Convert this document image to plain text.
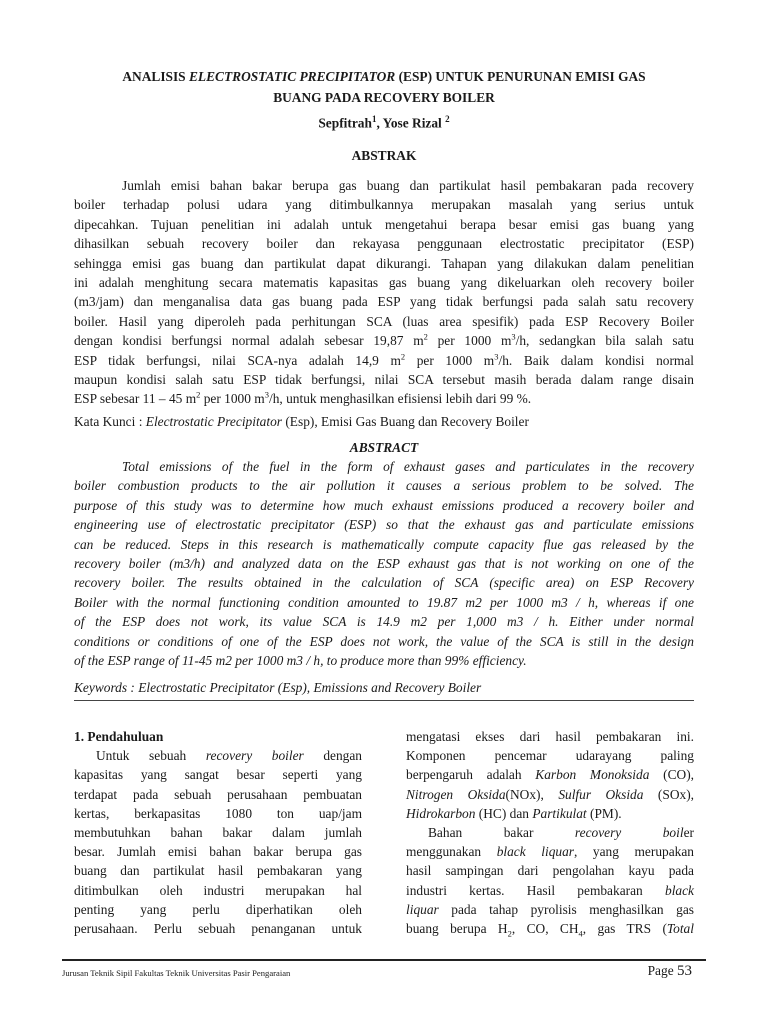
ANALISIS ELECTROSTATIC PRECIPITATOR (ESP) UNTUK PENURUNAN EMISI GAS
BUANG PADA RECOVERY BOILER
Sepfitrah$^1$, Yose Rizal $^2$
ABSTRAK
Jumlah emisi bahan bakar berupa gas buang dan partikulat hasil pembakaran pada recovery
boiler terhadap polusi udara yang ditimbulkannya merupakan masalah yang serius untuk
dipecahkan. Tujuan penelitian ini adalah untuk mengetahui berapa besar emisi gas buang yang
dihasilkan sebuah recovery boiler dan rekayasa penggunaan electrostatic precipitator (ESP)
sehingga emisi gas buang dan partikulat dapat dikurangi. Tahapan yang dilakukan dalam penelitian
ini adalah menghitung secara matematis kapasitas gas buang yang dikeluarkan oleh recovery boiler
(m3/jam) dan menganalisa data gas buang pada ESP yang tidak berfungsi pada salah satu recovery
boiler. Hasil yang diperoleh pada perhitungan SCA (luas area spesifik) pada ESP Recovery Boiler
dengan kondisi berfungsi normal adalah sebesar 19,87 $m^2$ per 1000 $m^3/h$, sedangkan bila salah satu
ESP tidak berfungsi, nilai SCA-nya adalah 14,9 $m^2$ per 1000 $m^3/h$. Baik dalam kondisi normal
maupun kondisi salah satu ESP tidak berfungsi, nilai SCA tersebut masih berada dalam range disain
ESP sebesar 11 – 45 $m^2$ per 1000 $m^3/h$, untuk menghasilkan efisiensi lebih dari 99 %.
Kata Kunci : Electrostatic Precipitator (Esp), Emisi Gas Buang dan Recovery Boiler
ABSTRACT
Total emissions of the fuel in the form of exhaust gases and particulates in the recovery
boiler combustion products to the air pollution it causes a serious problem to be solved. The
purpose of this study was to determine how much exhaust emissions produced a recovery boiler and
engineering use of electrostatic precipitator (ESP) so that the exhaust gas and particulate emissions
can be reduced. Steps in this research is mathematically compute capacity flue gas released by the
recovery boiler (m3/h) and analyzed data on the ESP exhaust gas that is not working on one of the
recovery boiler. The results obtained in the calculation of SCA (specific area) on ESP Recovery
Boiler with the normal functioning condition amounted to 19.87 m2 per 1000 m3 / h, whereas if one
of the ESP does not work, its value SCA is 14.9 m2 per 1,000 m3 / h. Either under normal
conditions or conditions of one of the ESP does not work, the value of the SCA is still in the design
of the ESP range of 11-45 m2 per 1000 m3 / h, to produce more than 99% efficiency.
Keywords : Electrostatic Precipitator (Esp), Emissions and Recovery Boiler
1. Pendahuluan
Untuk sebuah recovery boiler dengan
kapasitas yang sangat besar seperti yang
terdapat pada sebuah perusahaan pembuatan
kertas, berkapasitas 1080 ton uap/jam
membutuhkan bahan bakar dalam jumlah
besar. Jumlah emisi bahan bakar berupa gas
buang dan partikulat hasil pembakaran yang
ditimbulkan oleh industri merupakan hal
penting yang perlu diperhatikan oleh
perusahaan. Perlu sebuah penanganan untuk
mengatasi ekses dari hasil pembakaran ini.
Komponen pencemar udarayang paling
berpengaruh adalah Karbon Monoksida (CO),
Nitrogen Oksida(NOx), Sulfur Oksida (SOx),
Hidrokarbon (HC) dan Partikulat (PM).
Bahan	bakar	recovery	boiler
menggunakan black liquar, yang merupakan
hasil sampingan dari pengolahan kayu pada
industri kertas. Hasil pembakaran black
liquar pada tahap pyrolisis menghasilkan gas
buang berupa $H_2$, CO, $CH_4$, gas TRS (Total
Jurusan Teknik Sipil Fakultas Teknik Universitas Pasir Pengaraian	Page 53
